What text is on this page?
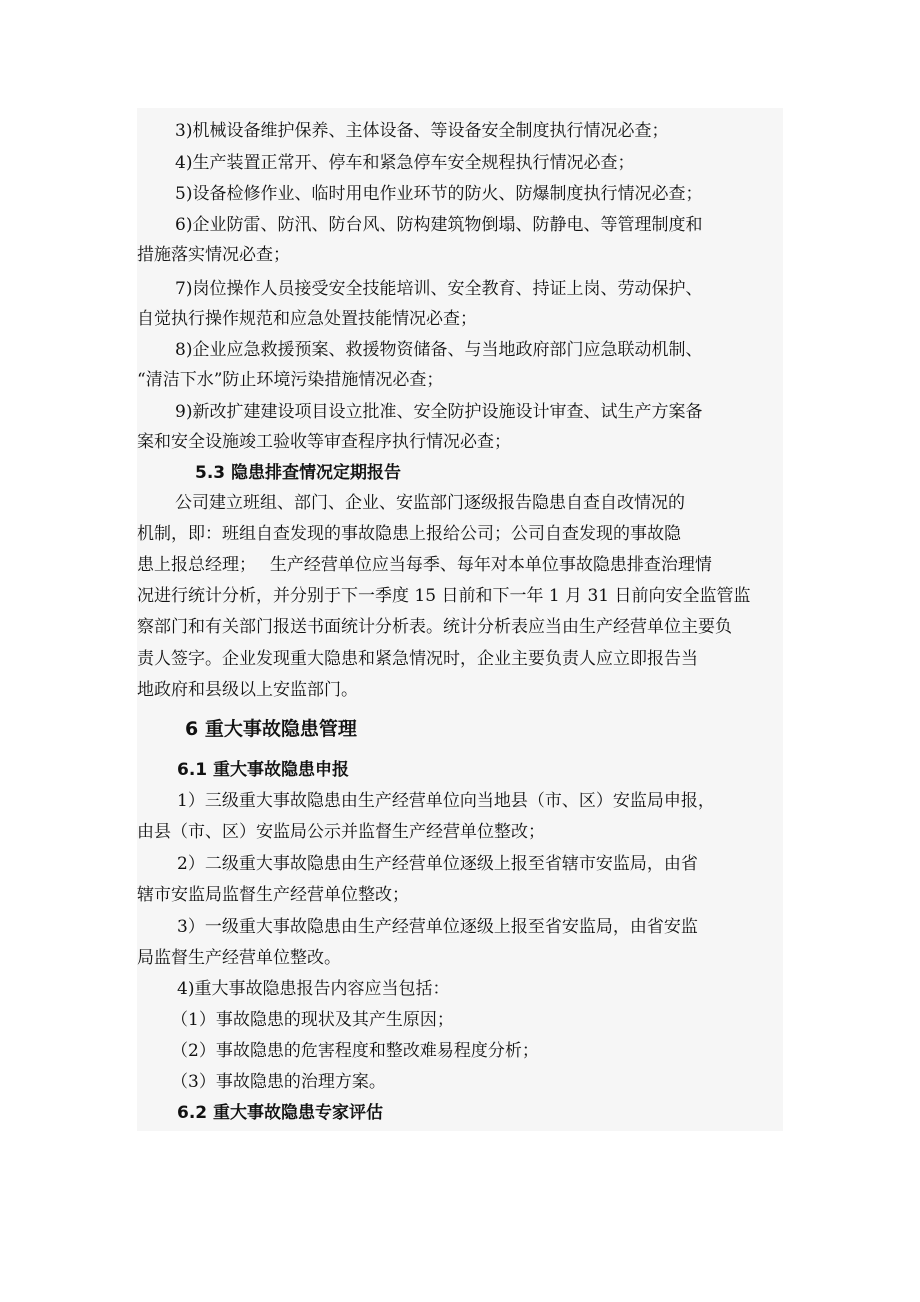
3)机械设备维护保养、主体设备、等设备安全制度执行情况必查；
4)生产装置正常开、停车和紧急停车安全规程执行情况必查；
5)设备检修作业、临时用电作业环节的防火、防爆制度执行情况必查；
6)企业防雷、防汛、防台风、防构建筑物倒塌、防静电、等管理制度和
措施落实情况必查；
7)岗位操作人员接受安全技能培训、安全教育、持证上岗、劳动保护、
自觉执行操作规范和应急处置技能情况必查；
8)企业应急救援预案、救援物资储备、与当地政府部门应急联动机制、
“清洁下水”防止环境污染措施情况必查；
9)新改扩建建设项目设立批准、安全防护设施设计审查、试生产方案备
案和安全设施竣工验收等审查程序执行情况必查；
5.3 隐患排查情况定期报告
公司建立班组、部门、企业、安监部门逐级报告隐患自查自改情况的
机制，即：班组自查发现的事故隐患上报给公司；公司自查发现的事故隐
患上报总经理；　 生产经营单位应当每季、每年对本单位事故隐患排查治理情
况进行统计分析，并分别于下一季度 15 日前和下一年 1 月 31 日前向安全监管监
察部门和有关部门报送书面统计分析表。统计分析表应当由生产经营单位主要负
责人签字。企业发现重大隐患和紧急情况时，企业主要负责人应立即报告当
地政府和县级以上安监部门。
6 重大事故隐患管理
6.1 重大事故隐患申报
1）三级重大事故隐患由生产经营单位向当地县（市、区）安监局申报，
由县（市、区）安监局公示并监督生产经营单位整改；
2）二级重大事故隐患由生产经营单位逐级上报至省辖市安监局，由省
辖市安监局监督生产经营单位整改；
3）一级重大事故隐患由生产经营单位逐级上报至省安监局，由省安监
局监督生产经营单位整改。
4)重大事故隐患报告内容应当包括：
（1）事故隐患的现状及其产生原因；
（2）事故隐患的危害程度和整改难易程度分析；
（3）事故隐患的治理方案。
6.2 重大事故隐患专家评估
